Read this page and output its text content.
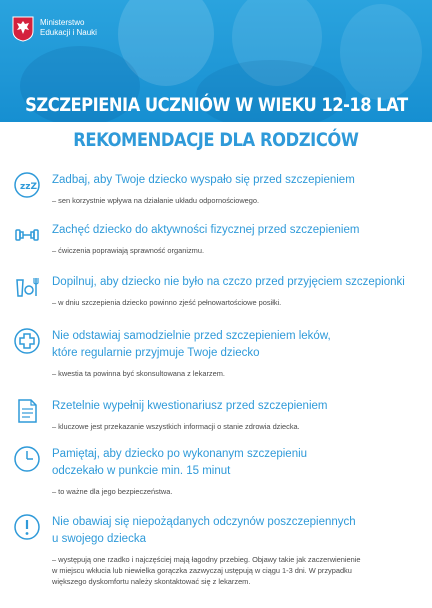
Ministerstwo
Edukacji i Nauki
SZCZEPIENIA UCZNIÓW W WIEKU 12-18 LAT
REKOMENDACJE DLA RODZICÓW
zzZ
Zadbaj, aby Twoje dziecko wyspało się przed szczepieniem
– sen korzystnie wpływa na działanie układu odpornościowego.
Zachęć dziecko do aktywności fizycznej przed szczepieniem
– ćwiczenia poprawiają sprawność organizmu.
Dopilnuj, aby dziecko nie było na czczo przed przyjęciem szczepionki
– w dniu szczepienia dziecko powinno zjeść pełnowartościowe posiłki.
Nie odstawiaj samodzielnie przed szczepieniem leków,
które regularnie przyjmuje Twoje dziecko
– kwestia ta powinna być skonsultowana z lekarzem.
Rzetelnie wypełnij kwestionariusz przed szczepieniem
– kluczowe jest przekazanie wszystkich informacji o stanie zdrowia dziecka.
Pamiętaj, aby dziecko po wykonanym szczepieniu
odczekało w punkcie min. 15 minut
– to ważne dla jego bezpieczeństwa.
Nie obawiaj się niepożądanych odczynów poszczepiennych
u swojego dziecka
– występują one rzadko i najczęściej mają łagodny przebieg. Objawy takie jak zaczerwienienie
w miejscu wkłucia lub niewielka gorączka zazwyczaj ustępują w ciągu 1-3 dni. W przypadku
większego dyskomfortu należy skontaktować się z lekarzem.
